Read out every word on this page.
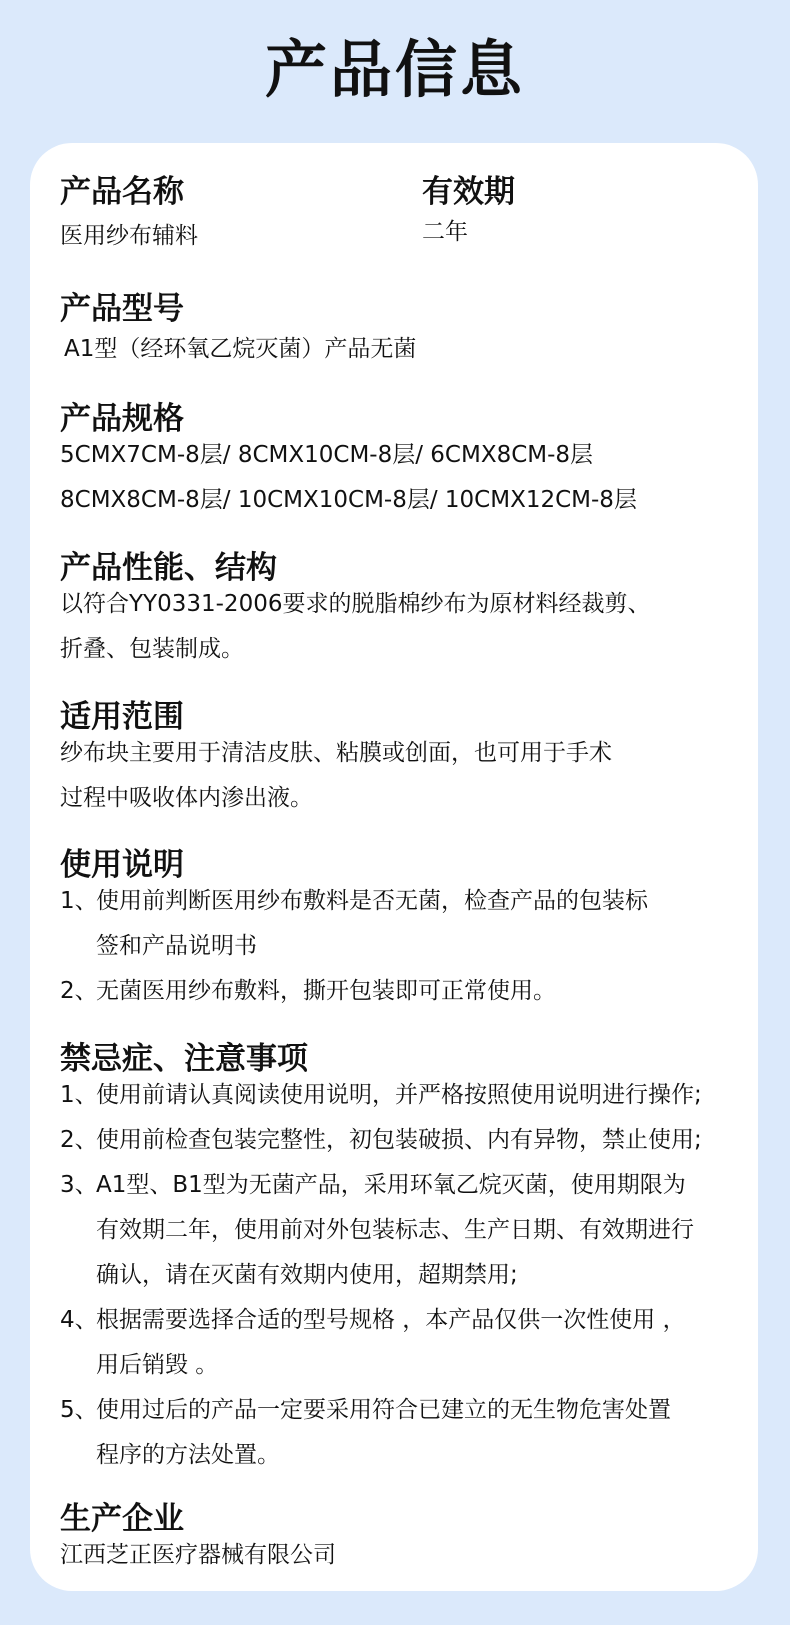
产品信息
产品名称
医用纱布辅料
有效期
二年
产品型号
A1型（经环氧乙烷灭菌）产品无菌
产品规格
5CMX7CM-8层/ 8CMX10CM-8层/ 6CMX8CM-8层
8CMX8CM-8层/ 10CMX10CM-8层/ 10CMX12CM-8层
产品性能、结构
以符合YY0331-2006要求的脱脂棉纱布为原材料经裁剪、
折叠、包装制成。
适用范围
纱布块主要用于清洁皮肤、粘膜或创面，也可用于手术
过程中吸收体内渗出液。
使用说明
1、
使用前判断医用纱布敷料是否无菌，检查产品的包装标
签和产品说明书
2、
无菌医用纱布敷料，撕开包装即可正常使用。
禁忌症、注意事项
1、
使用前请认真阅读使用说明，并严格按照使用说明进行操作;
2、
使用前检查包装完整性，初包装破损、内有异物，禁止使用;
3、
A1型、B1型为无菌产品，采用环氧乙烷灭菌，使用期限为
有效期二年，使用前对外包装标志、生产日期、有效期进行
确认，请在灭菌有效期内使用，超期禁用;
4、
根据需要选择合适的型号规格 ，本产品仅供一次性使用 ，
用后销毁 。
5、
使用过后的产品一定要采用符合已建立的无生物危害处置
程序的方法处置。
生产企业
江西芝正医疗器械有限公司
